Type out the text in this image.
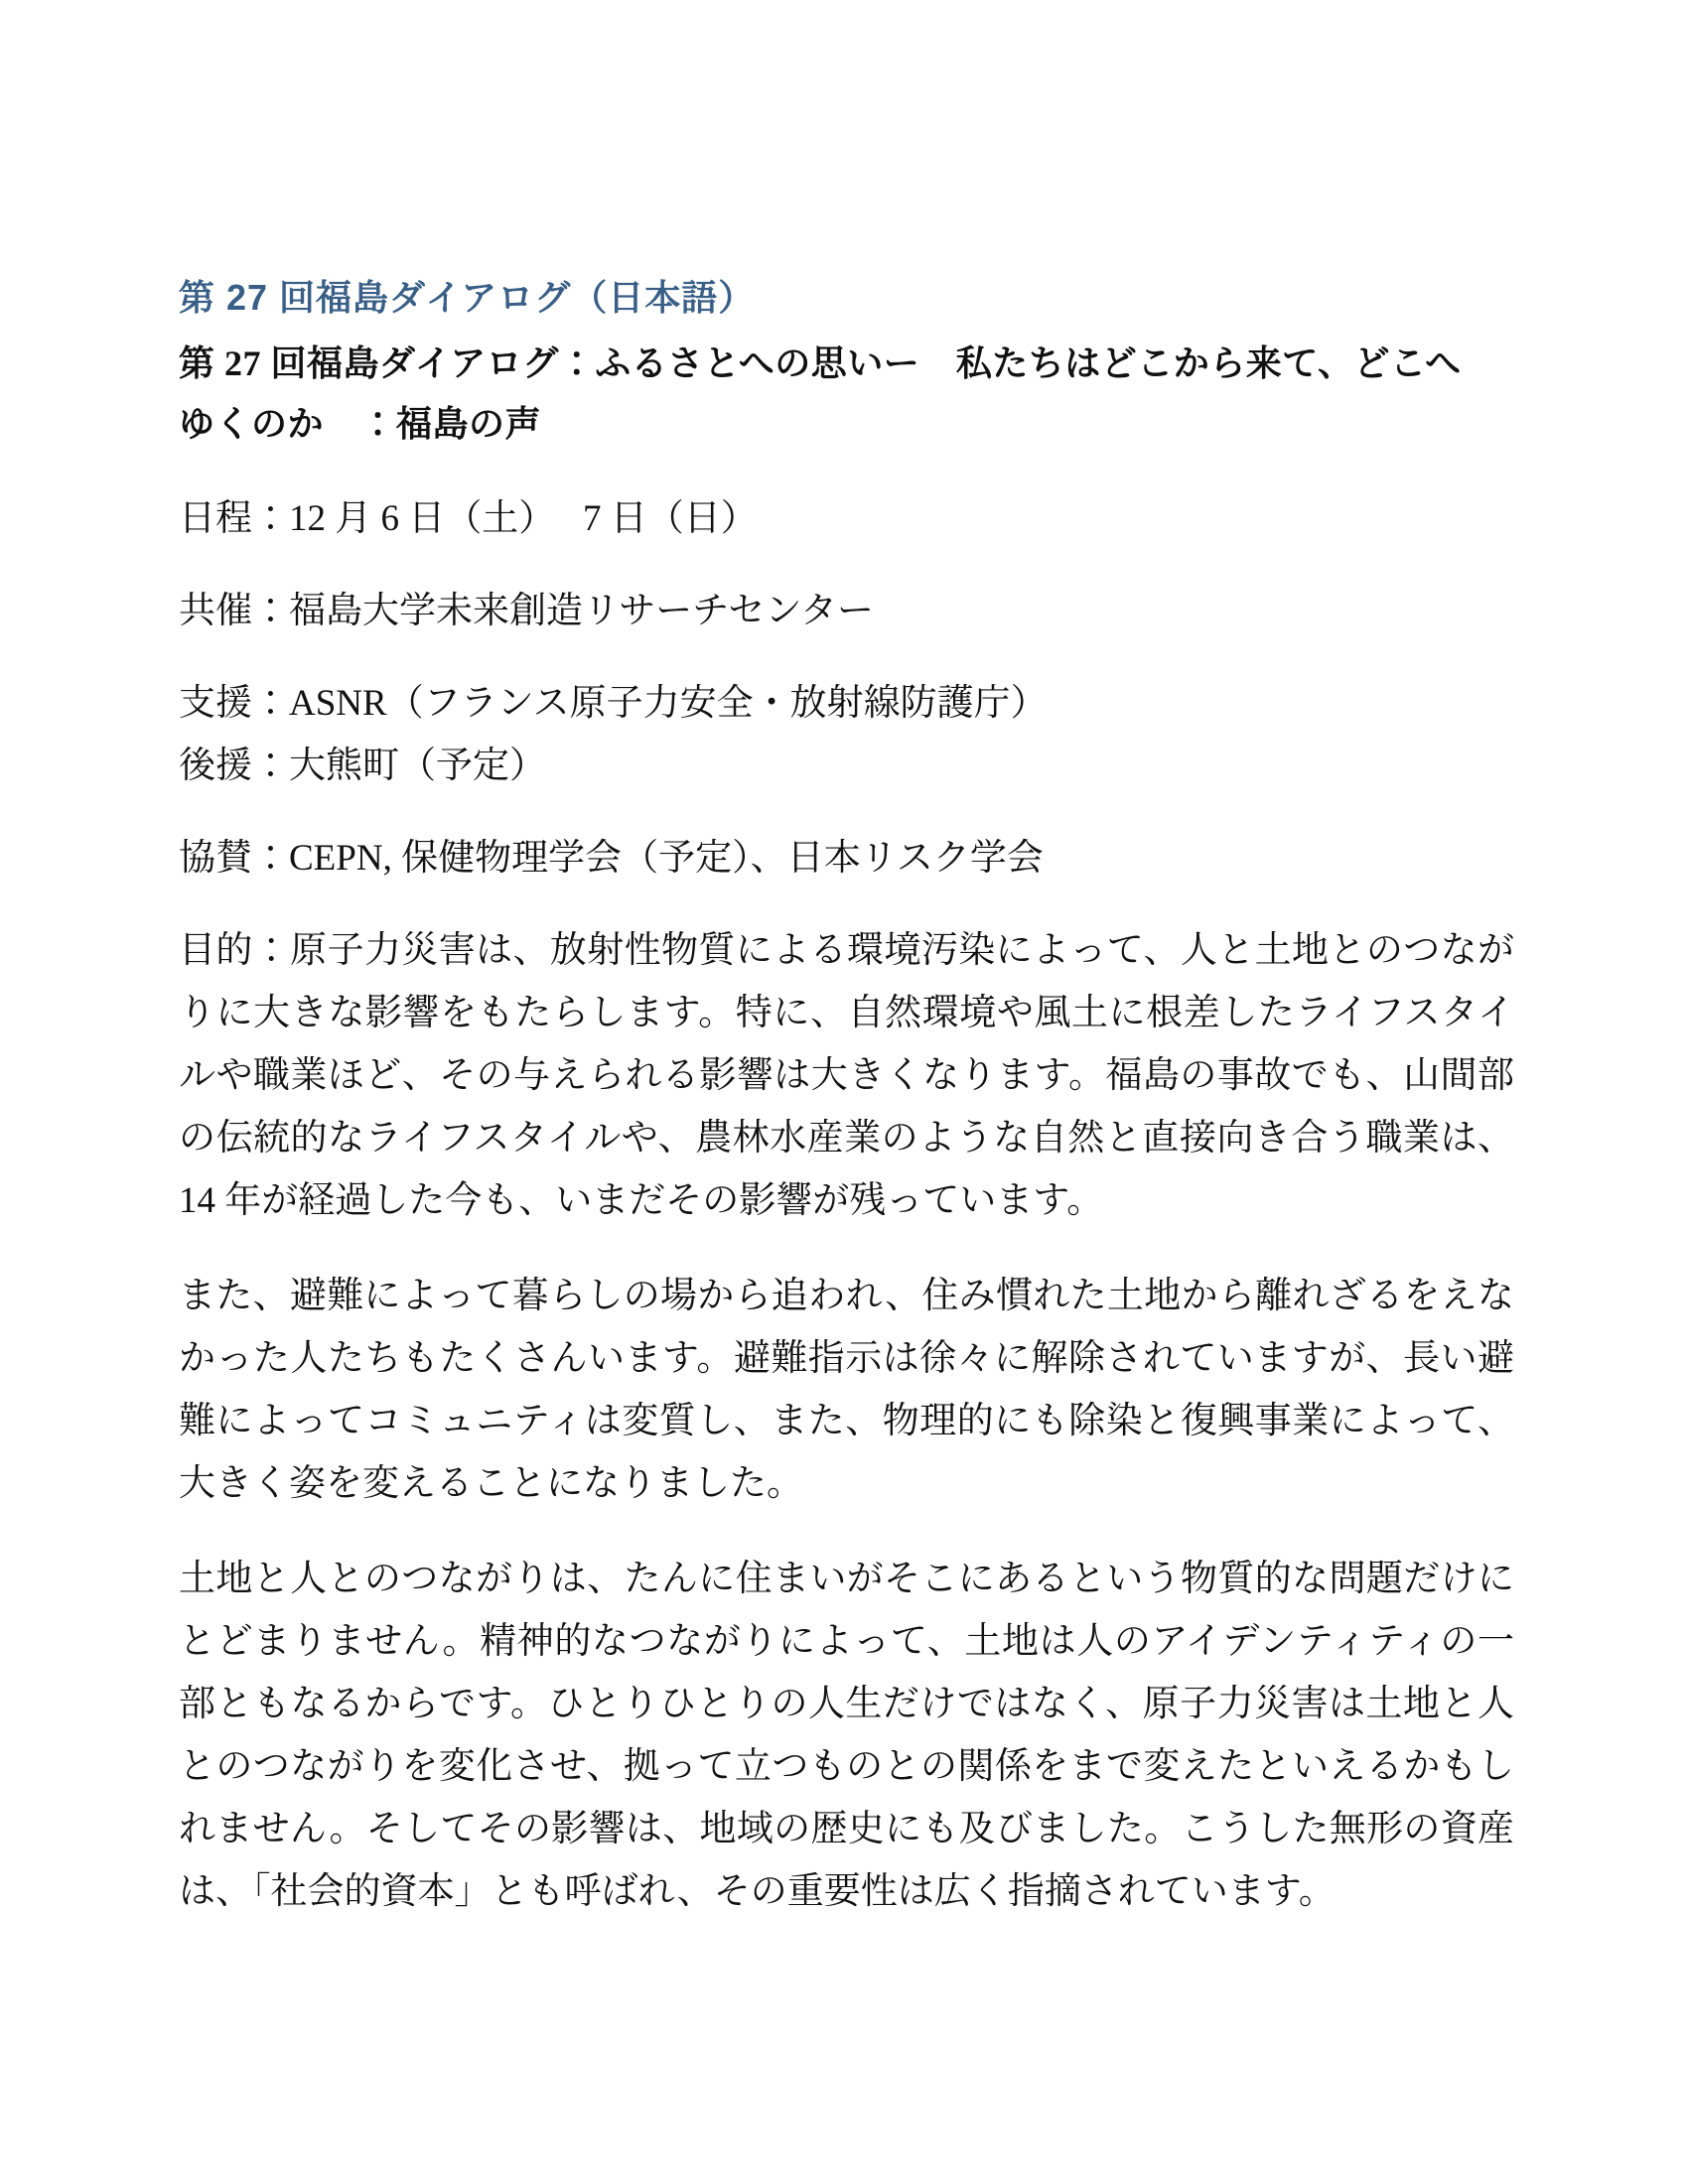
第 27 回福島ダイアログ（日本語）
第 27 回福島ダイアログ：ふるさとへの思いー　私たちはどこから来て、どこへゆくのか　：福島の声

日程：12 月 6 日（土）　 7 日（日）

共催：福島大学未来創造リサーチセンター

支援：ASNR（フランス原子力安全・放射線防護庁）
後援：大熊町（予定）

協賛：CEPN, 保健物理学会（予定）、日本リスク学会

目的：原子力災害は、放射性物質による環境汚染によって、人と土地とのつながりに大きな影響をもたらします。特に、自然環境や風土に根差したライフスタイルや職業ほど、その与えられる影響は大きくなります。福島の事故でも、山間部の伝統的なライフスタイルや、農林水産業のような自然と直接向き合う職業は、14 年が経過した今も、いまだその影響が残っています。

また、避難によって暮らしの場から追われ、住み慣れた土地から離れざるをえなかった人たちもたくさんいます。避難指示は徐々に解除されていますが、長い避難によってコミュニティは変質し、また、物理的にも除染と復興事業によって、大きく姿を変えることになりました。

土地と人とのつながりは、たんに住まいがそこにあるという物質的な問題だけにとどまりません。精神的なつながりによって、土地は人のアイデンティティの一部ともなるからです。ひとりひとりの人生だけではなく、原子力災害は土地と人とのつながりを変化させ、拠って立つものとの関係をまで変えたといえるかもしれません。そしてその影響は、地域の歴史にも及びました。こうした無形の資産は、「社会的資本」とも呼ばれ、その重要性は広く指摘されています。
